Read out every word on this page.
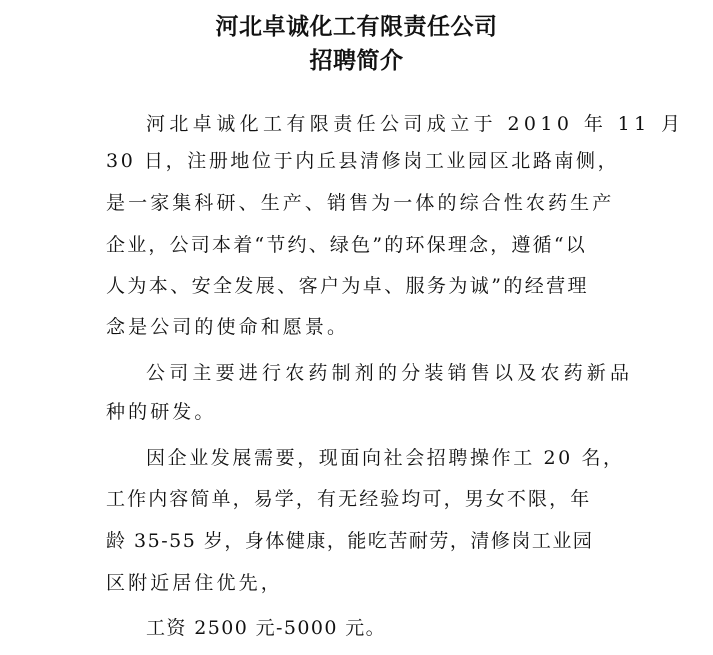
河北卓诚化工有限责任公司
招聘简介
河北卓诚化工有限责任公司成立于 2010 年 11 月
30 日，注册地位于内丘县清修岗工业园区北路南侧，
是一家集科研、生产、销售为一体的综合性农药生产
企业，公司本着“节约、绿色”的环保理念，遵循“以
人为本、安全发展、客户为卓、服务为诚”的经营理
念是公司的使命和愿景。
公司主要进行农药制剂的分装销售以及农药新品
种的研发。
因企业发展需要，现面向社会招聘操作工 20 名，
工作内容简单，易学，有无经验均可，男女不限，年
龄 35-55 岁，身体健康，能吃苦耐劳，清修岗工业园
区附近居住优先，
工资 2500 元-5000 元。
